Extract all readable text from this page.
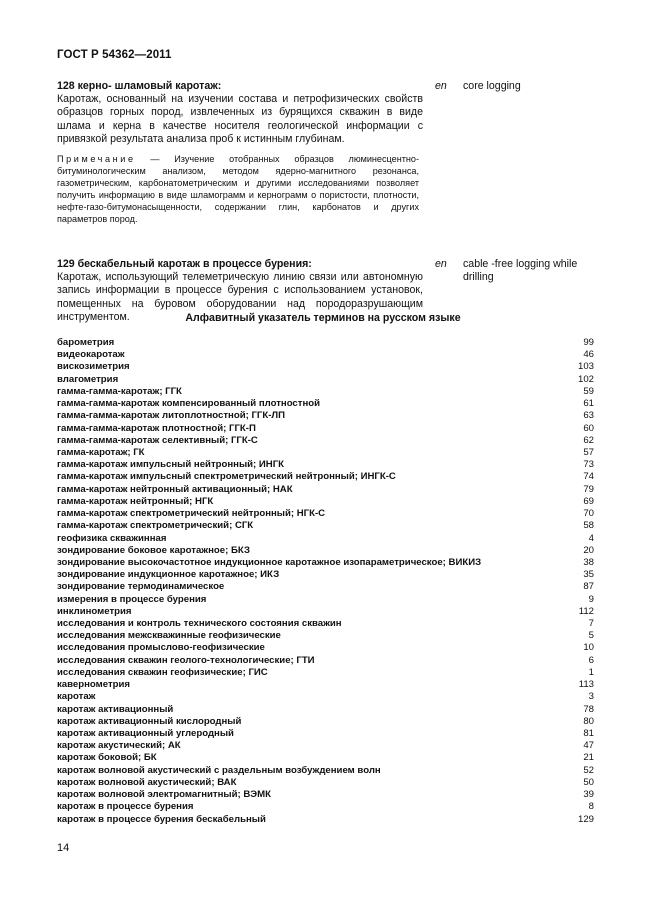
ГОСТ Р 54362—2011
128 керно- шламовый каротаж:	en core logging
Каротаж, основанный на изучении состава и петрофизических свойств образцов горных пород, извлеченных из бурящихся скважин в виде шлама и керна в качестве носителя геологической информации с привязкой результата анализа проб к истинным глубинам.
Примечание — Изучение отобранных образцов люминесцентно-битуминологическим анализом, методом ядерно-магнитного резонанса, газометрическим, карбонатометрическим и другими исследованиями позволяет получить информацию в виде шламограмм и кернограмм о пористости, плотности, нефте-газо-битумонасыщенности, содержании глин, карбонатов и других параметров пород.
129 бескабельный каротаж в процессе бурения:	en cable -free logging while drilling
Каротаж, использующий телеметрическую линию связи или автономную запись информации в процессе бурения с использованием установок, помещенных на буровом оборудовании над породоразрушающим инструментом.	Алфавитный указатель терминов на русском языке
барометрия	99
видеокаротаж	46
вискозиметрия	103
влагометрия	102
гамма-гамма-каротаж; ГГК	59
гамма-гамма-каротаж компенсированный плотностной	61
гамма-гамма-каротаж литоплотностной; ГГК-ЛП	63
гамма-гамма-каротаж плотностной; ГГК-П	60
гамма-гамма-каротаж селективный; ГГК-С	62
гамма-каротаж; ГК	57
гамма-каротаж импульсный нейтронный; ИНГК	73
гамма-каротаж импульсный спектрометрический нейтронный; ИНГК-С	74
гамма-каротаж нейтронный активационный; НАК	79
гамма-каротаж нейтронный; НГК	69
гамма-каротаж спектрометрический нейтронный; НГК-С	70
гамма-каротаж спектрометрический; СГК	58
геофизика скважинная	4
зондирование боковое каротажное; БКЗ	20
зондирование высокочастотное индукционное каротажное изопараметрическое; ВИКИЗ	38
зондирование индукционное каротажное; ИКЗ	35
зондирование термодинамическое	87
измерения в процессе бурения	9
инклинометрия	112
исследования и контроль технического состояния скважин	7
исследования межскважинные геофизические	5
исследования промыслово-геофизические	10
исследования скважин геолого-технологические; ГТИ	6
исследования скважин геофизические; ГИС	1
кавернометрия	113
каротаж	3
каротаж активационный	78
каротаж активационный кислородный	80
каротаж активационный углеродный	81
каротаж акустический; АК	47
каротаж боковой; БК	21
каротаж волновой акустический с раздельным возбуждением волн	52
каротаж волновой акустический; ВАК	50
каротаж волновой электромагнитный; ВЭМК	39
каротаж в процессе бурения	8
каротаж в процессе бурения бескабельный	129
14
